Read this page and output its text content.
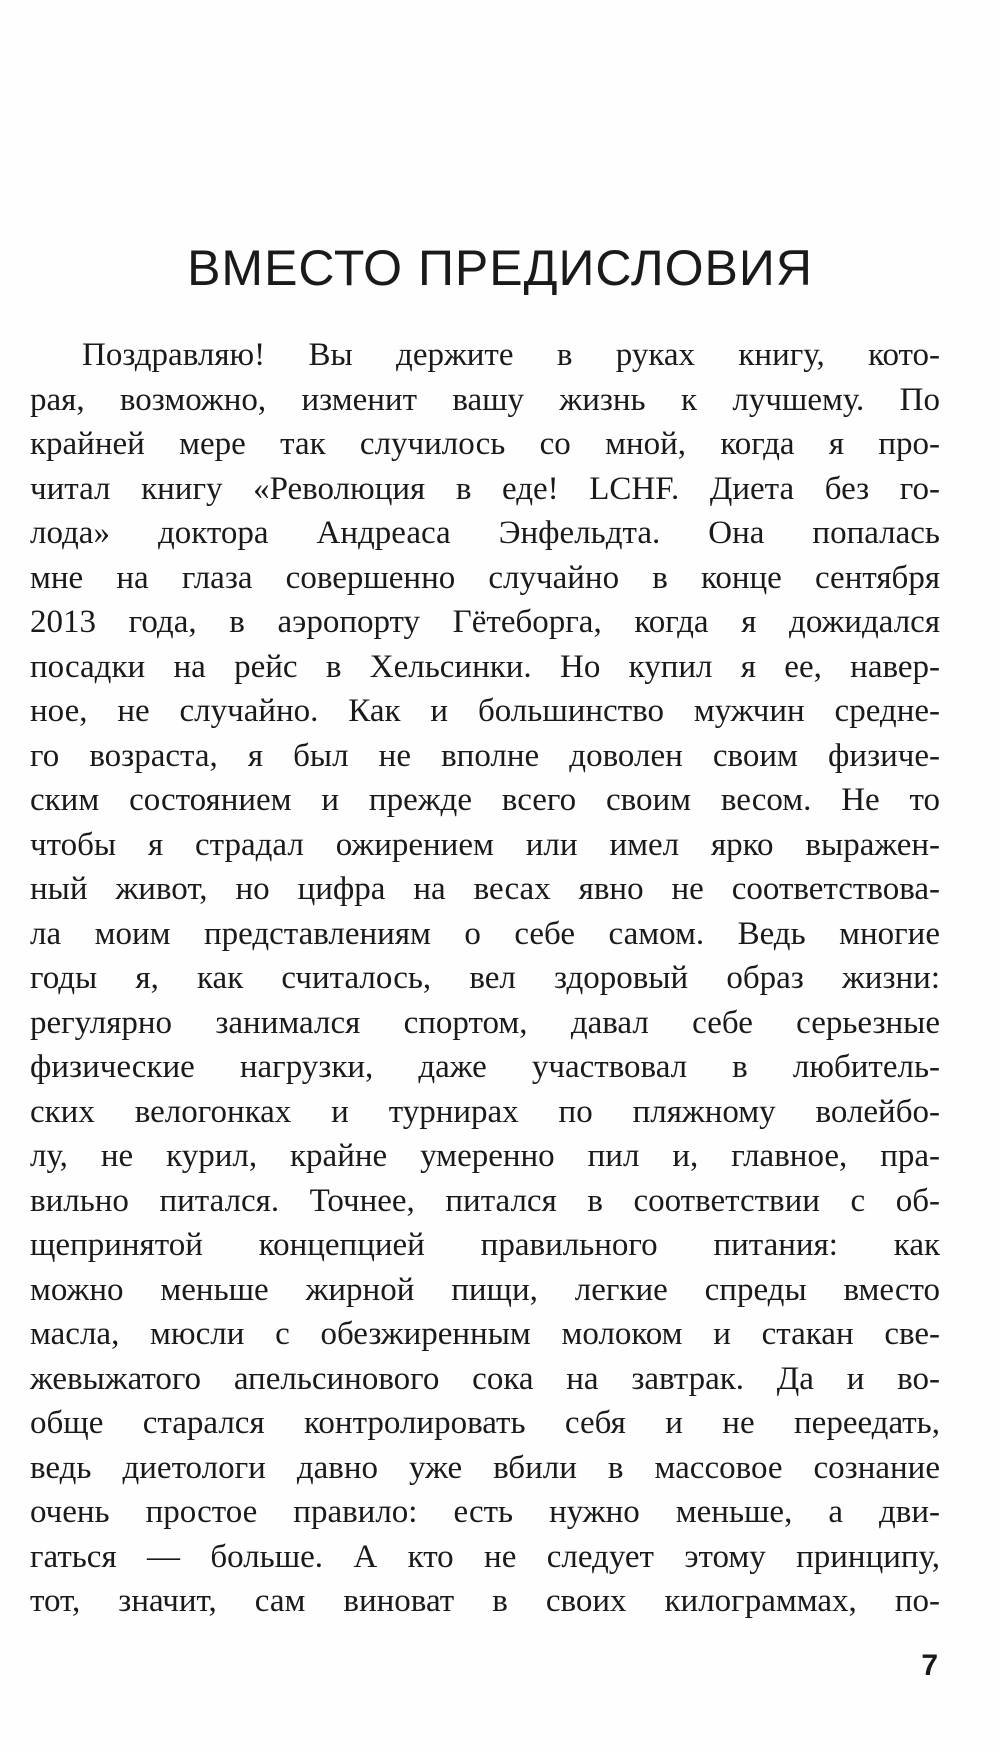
ВМЕСТО ПРЕДИСЛОВИЯ
Поздравляю! Вы держите в руках книгу, кото-
рая, возможно, изменит вашу жизнь к лучшему. По
крайней мере так случилось со мной, когда я про-
читал книгу «Революция в еде! LCHF. Диета без го-
лода» доктора Андреаса Энфельдта. Она попалась
мне на глаза совершенно случайно в конце сентября
2013 года, в аэропорту Гётеборга, когда я дожидался
посадки на рейс в Хельсинки. Но купил я ее, навер-
ное, не случайно. Как и большинство мужчин средне-
го возраста, я был не вполне доволен своим физиче-
ским состоянием и прежде всего своим весом. Не то
чтобы я страдал ожирением или имел ярко выражен-
ный живот, но цифра на весах явно не соответствова-
ла моим представлениям о себе самом. Ведь многие
годы я, как считалось, вел здоровый образ жизни:
регулярно занимался спортом, давал себе серьезные
физические нагрузки, даже участвовал в любитель-
ских велогонках и турнирах по пляжному волейбо-
лу, не курил, крайне умеренно пил и, главное, пра-
вильно питался. Точнее, питался в соответствии с об-
щепринятой концепцией правильного питания: как
можно меньше жирной пищи, легкие спреды вместо
масла, мюсли с обезжиренным молоком и стакан све-
жевыжатого апельсинового сока на завтрак. Да и во-
обще старался контролировать себя и не переедать,
ведь диетологи давно уже вбили в массовое сознание
очень простое правило: есть нужно меньше, а дви-
гаться — больше. А кто не следует этому принципу,
тот, значит, сам виноват в своих килограммах, по-
7
